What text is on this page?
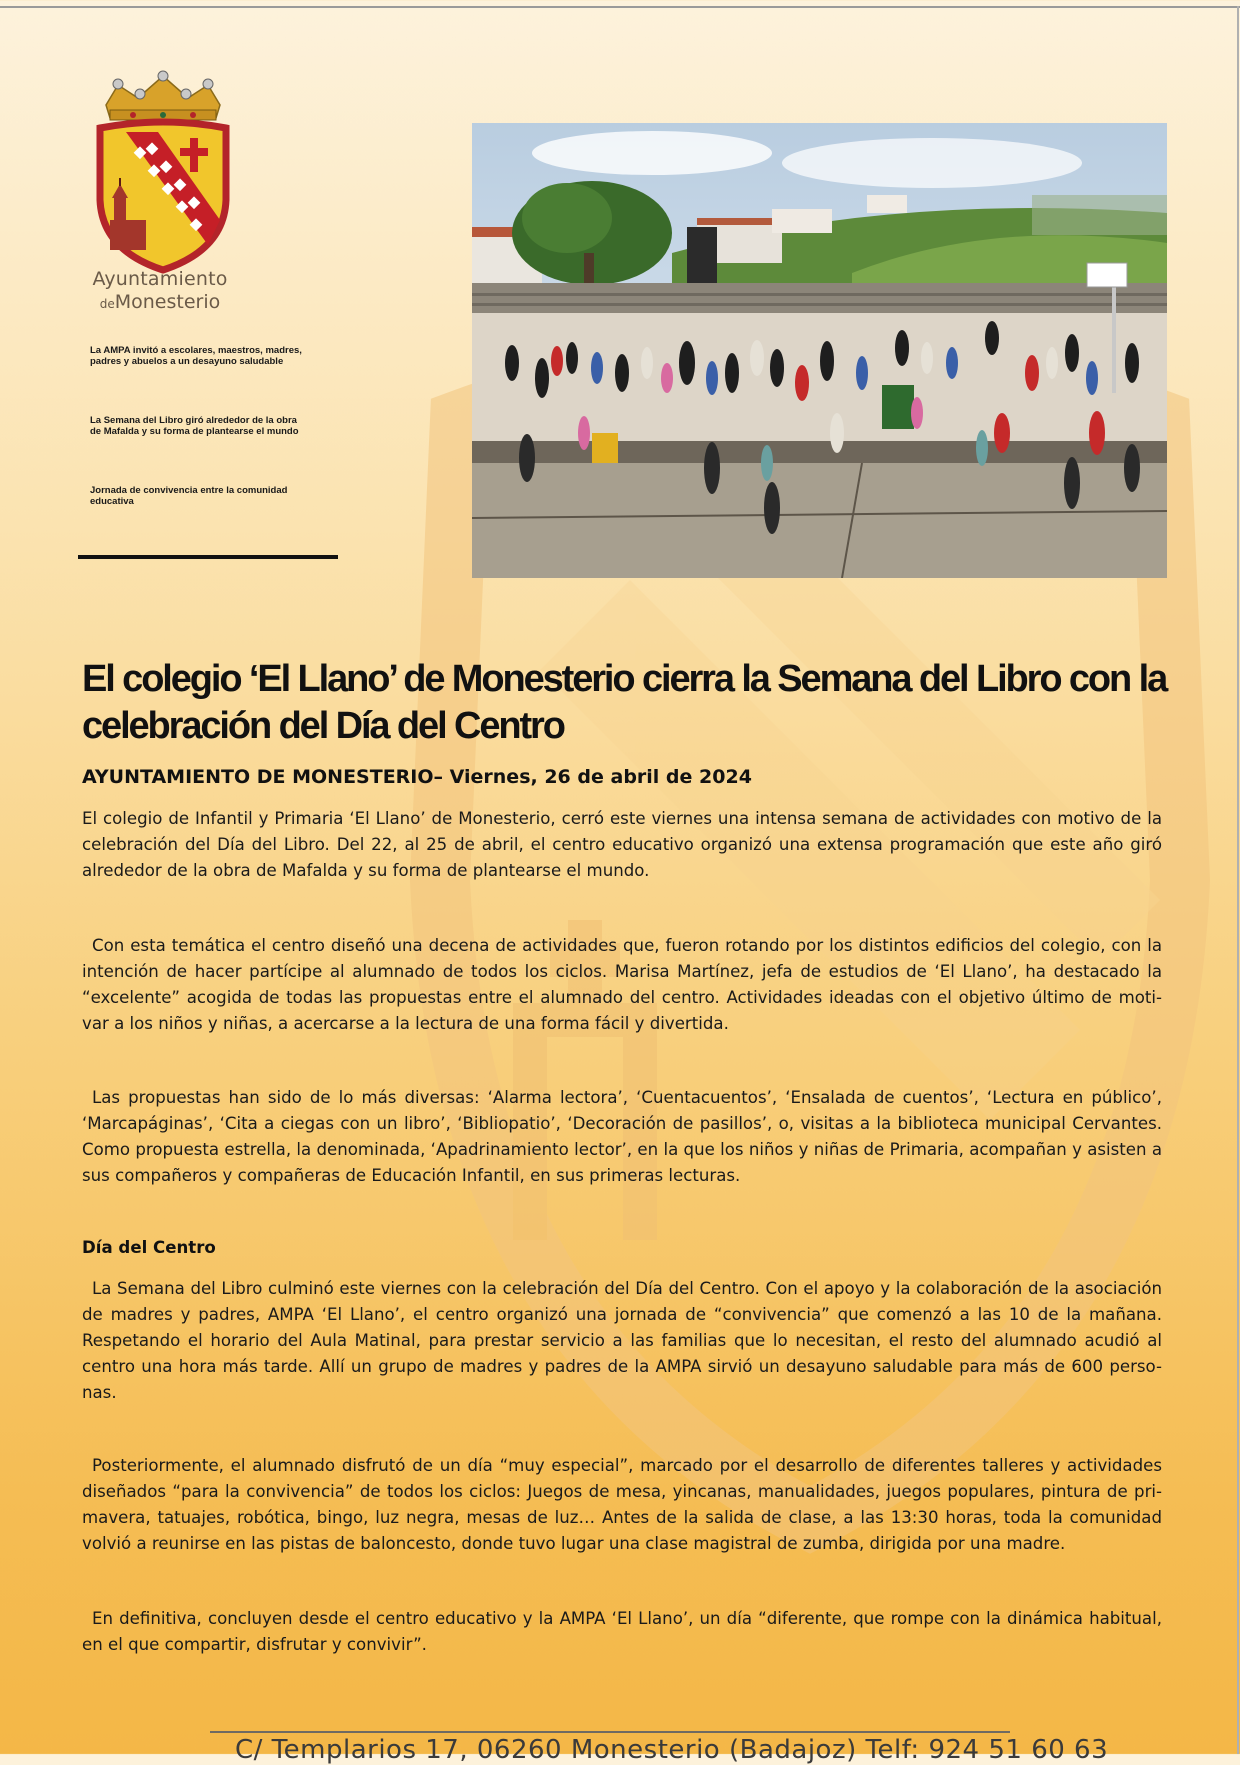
Ayuntamiento
deMonesterio
La AMPA invitó a escolares, maestros, madres, padres y abuelos a un desayuno saludable
La Semana del Libro giró alrededor de la obra de Mafalda y su forma de plantearse el mundo
Jornada de convivencia entre la comunidad educativa
El colegio ‘El Llano’ de Monesterio cierra la Semana del Libro con la celebración del Día del Centro

AYUNTAMIENTO DE MONESTERIO– Viernes, 26 de abril de 2024

El colegio de Infantil y Primaria ‘El Llano’ de Monesterio, cerró este viernes una intensa semana de actividades con motivo de la celebración del Día del Libro. Del 22, al 25 de abril, el centro educativo organizó una extensa programación que este año giró alrededor de la obra de Mafalda y su forma de plantearse el mundo.

Con esta temática el centro diseñó una decena de actividades que, fueron rotando por los distintos edificios del colegio, con la intención de hacer partícipe al alumnado de todos los ciclos. Marisa Martínez, jefa de estudios de ‘El Llano’, ha destacado la “excelente” acogida de todas las propuestas entre el alumnado del centro. Actividades ideadas con el objetivo último de moti-var a los niños y niñas, a acercarse a la lectura de una forma fácil y divertida.

Las propuestas han sido de lo más diversas: ‘Alarma lectora’, ‘Cuentacuentos’, ‘Ensalada de cuentos’, ‘Lectura en público’, ‘Marcapáginas’, ‘Cita a ciegas con un libro’, ‘Bibliopatio’, ‘Decoración de pasillos’, o, visitas a la biblioteca municipal Cervantes. Como propuesta estrella, la denominada, ‘Apadrinamiento lector’, en la que los niños y niñas de Primaria, acompañan y asisten a sus compañeros y compañeras de Educación Infantil, en sus primeras lecturas.

Día del Centro

La Semana del Libro culminó este viernes con la celebración del Día del Centro. Con el apoyo y la colaboración de la asociación de madres y padres, AMPA ‘El Llano’, el centro organizó una jornada de “convivencia” que comenzó a las 10 de la mañana. Respetando el horario del Aula Matinal, para prestar servicio a las familias que lo necesitan, el resto del alumnado acudió al centro una hora más tarde. Allí un grupo de madres y padres de la AMPA sirvió un desayuno saludable para más de 600 perso-nas.

Posteriormente, el alumnado disfrutó de un día “muy especial”, marcado por el desarrollo de diferentes talleres y actividades diseñados “para la convivencia” de todos los ciclos: Juegos de mesa, yincanas, manualidades, juegos populares, pintura de pri-mavera, tatuajes, robótica, bingo, luz negra, mesas de luz… Antes de la salida de clase, a las 13:30 horas, toda la comunidad volvió a reunirse en las pistas de baloncesto, donde tuvo lugar una clase magistral de zumba, dirigida por una madre.

En definitiva, concluyen desde el centro educativo y la AMPA ‘El Llano’, un día “diferente, que rompe con la dinámica habitual, en el que compartir, disfrutar y convivir”.

C/ Templarios 17, 06260 Monesterio (Badajoz) Telf: 924 51 60 63
